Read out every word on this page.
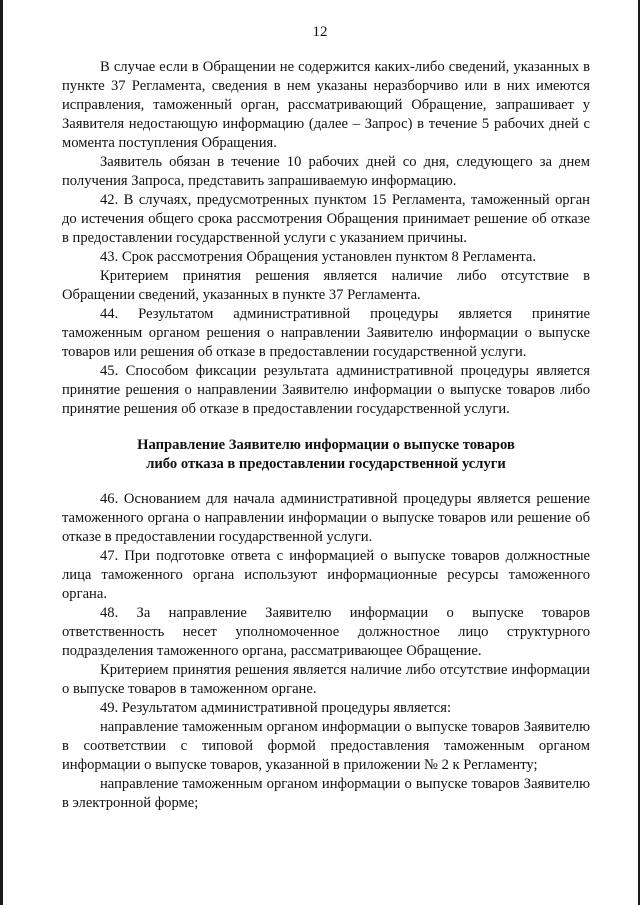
12

В случае если в Обращении не содержится каких-либо сведений, указанных в пункте 37 Регламента, сведения в нем указаны неразборчиво или в них имеются исправления, таможенный орган, рассматривающий Обращение, запрашивает у Заявителя недостающую информацию (далее – Запрос) в течение 5 рабочих дней с момента поступления Обращения.

Заявитель обязан в течение 10 рабочих дней со дня, следующего за днем получения Запроса, представить запрашиваемую информацию.

42. В случаях, предусмотренных пунктом 15 Регламента, таможенный орган до истечения общего срока рассмотрения Обращения принимает решение об отказе в предоставлении государственной услуги с указанием причины.

43. Срок рассмотрения Обращения установлен пунктом 8 Регламента.

Критерием принятия решения является наличие либо отсутствие в Обращении сведений, указанных в пункте 37 Регламента.

44. Результатом административной процедуры является принятие таможенным органом решения о направлении Заявителю информации о выпуске товаров или решения об отказе в предоставлении государственной услуги.

45. Способом фиксации результата административной процедуры является принятие решения о направлении Заявителю информации о выпуске товаров либо принятие решения об отказе в предоставлении государственной услуги.

Направление Заявителю информации о выпуске товаров
либо отказа в предоставлении государственной услуги

46. Основанием для начала административной процедуры является решение таможенного органа о направлении информации о выпуске товаров или решение об отказе в предоставлении государственной услуги.

47. При подготовке ответа с информацией о выпуске товаров должностные лица таможенного органа используют информационные ресурсы таможенного органа.

48. За направление Заявителю информации о выпуске товаров ответственность несет уполномоченное должностное лицо структурного подразделения таможенного органа, рассматривающее Обращение.

Критерием принятия решения является наличие либо отсутствие информации о выпуске товаров в таможенном органе.

49. Результатом административной процедуры является:

направление таможенным органом информации о выпуске товаров Заявителю в соответствии с типовой формой предоставления таможенным органом информации о выпуске товаров, указанной в приложении № 2 к Регламенту;

направление таможенным органом информации о выпуске товаров Заявителю в электронной форме;
